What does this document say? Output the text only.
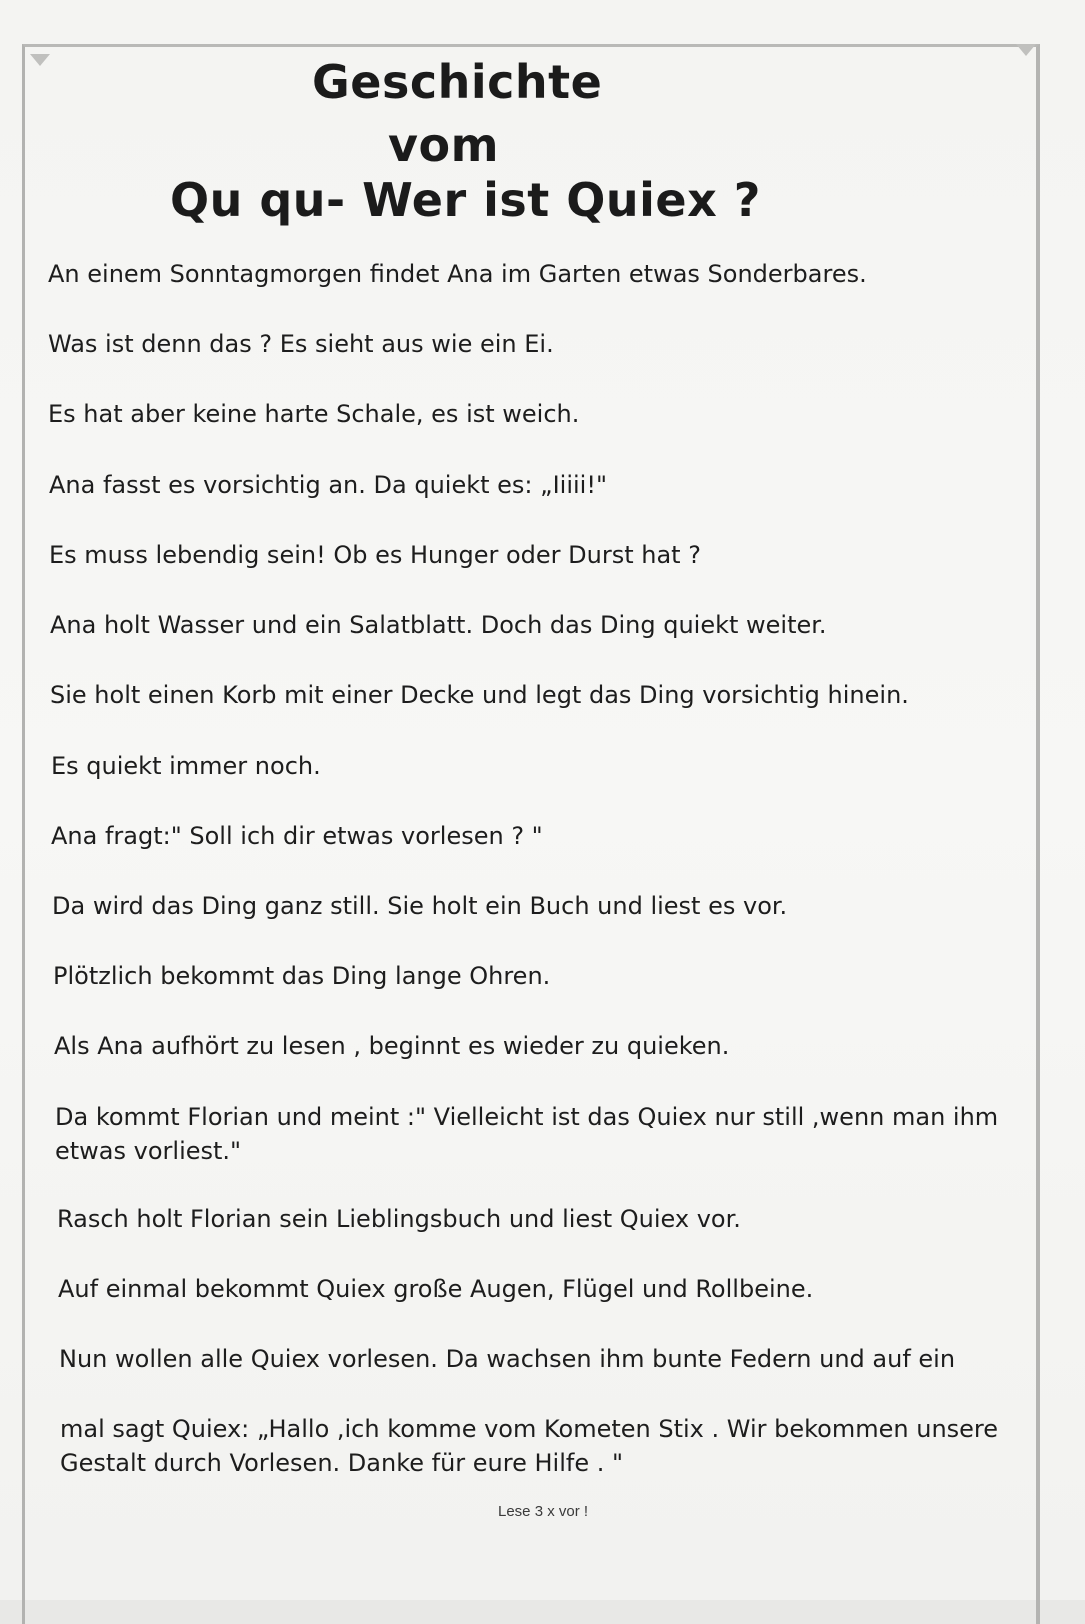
Geschichte
vom
Qu qu- Wer ist Quiex ?
An einem Sonntagmorgen findet Ana im Garten etwas Sonderbares.
Was ist denn das ? Es sieht aus wie ein Ei.
Es hat aber keine harte Schale, es ist weich.
Ana fasst es vorsichtig an. Da quiekt es: „Iiiii!"
Es muss lebendig sein! Ob es Hunger oder Durst hat ?
Ana holt Wasser und ein Salatblatt. Doch das Ding quiekt weiter.
Sie holt einen Korb mit einer Decke und legt das Ding vorsichtig hinein.
Es quiekt immer noch.
Ana fragt:" Soll ich dir etwas vorlesen ? "
Da wird das Ding ganz still. Sie holt ein Buch und liest es vor.
Plötzlich bekommt das Ding lange Ohren.
Als Ana aufhört zu lesen , beginnt es wieder zu quieken.
Da kommt Florian und meint :" Vielleicht ist das Quiex nur still ,wenn man ihm etwas vorliest."
Rasch holt Florian sein Lieblingsbuch und liest Quiex vor.
Auf einmal bekommt Quiex große Augen, Flügel und Rollbeine.
Nun wollen alle Quiex vorlesen. Da wachsen ihm bunte Federn und auf ein
mal sagt Quiex: „Hallo ,ich komme vom Kometen Stix . Wir bekommen unsere Gestalt durch Vorlesen. Danke für eure Hilfe . "
Lese 3 x vor !
